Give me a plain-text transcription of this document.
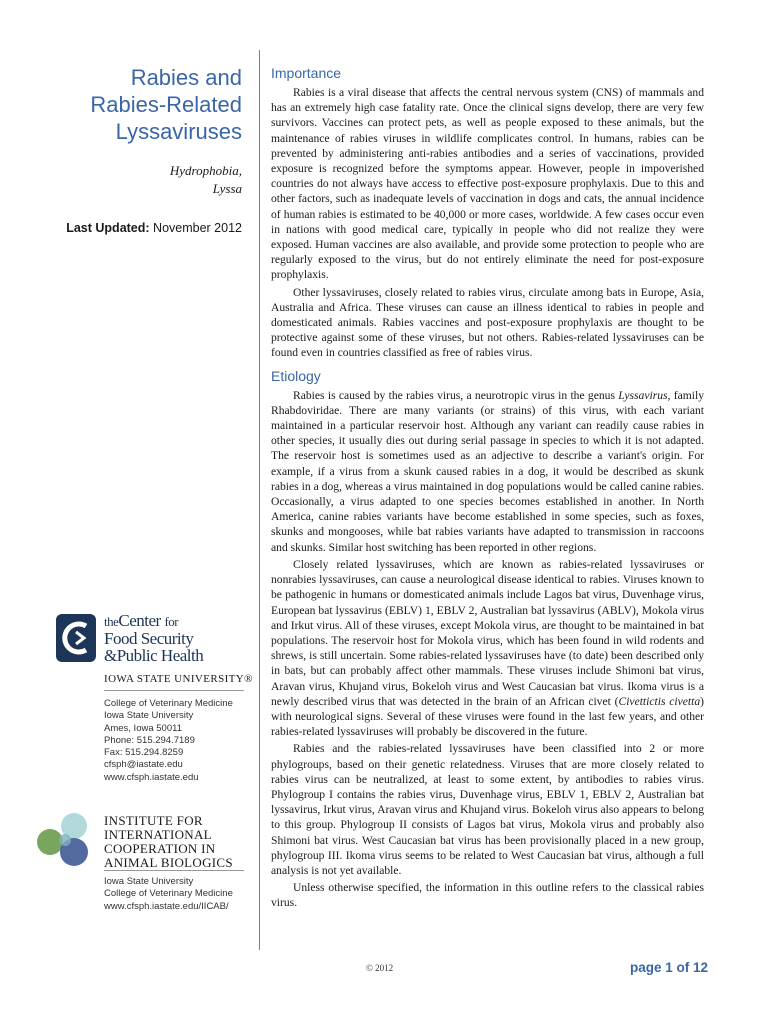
Rabies and
Rabies-Related
Lyssaviruses
Hydrophobia,
Lyssa
Last Updated: November 2012
theCenter for
Food Security
&Public Health
IOWA STATE UNIVERSITY®
College of Veterinary Medicine
Iowa State University
Ames, Iowa 50011
Phone: 515.294.7189
Fax: 515.294.8259
cfsph@iastate.edu
www.cfsph.iastate.edu
INSTITUTE FOR
INTERNATIONAL
COOPERATION IN
ANIMAL BIOLOGICS
Iowa State University
College of Veterinary Medicine
www.cfsph.iastate.edu/IICAB/
Importance

Rabies is a viral disease that affects the central nervous system (CNS) of mammals and has an extremely high case fatality rate. Once the clinical signs develop, there are very few survivors. Vaccines can protect pets, as well as people exposed to these animals, but the maintenance of rabies viruses in wildlife complicates control. In humans, rabies can be prevented by administering anti-rabies antibodies and a series of vaccinations, provided exposure is recognized before the symptoms appear. However, people in impoverished countries do not always have access to effective post-exposure prophylaxis. Due to this and other factors, such as inadequate levels of vaccination in dogs and cats, the annual incidence of human rabies is estimated to be 40,000 or more cases, worldwide. A few cases occur even in nations with good medical care, typically in people who did not realize they were exposed. Human vaccines are also available, and provide some protection to people who are regularly exposed to the virus, but do not entirely eliminate the need for post-exposure prophylaxis.

Other lyssaviruses, closely related to rabies virus, circulate among bats in Europe, Asia, Australia and Africa. These viruses can cause an illness identical to rabies in people and domesticated animals. Rabies vaccines and post-exposure prophylaxis are thought to be protective against some of these viruses, but not others. Rabies-related lyssaviruses can be found even in countries classified as free of rabies virus.

Etiology

Rabies is caused by the rabies virus, a neurotropic virus in the genus Lyssavirus, family Rhabdoviridae. There are many variants (or strains) of this virus, with each variant maintained in a particular reservoir host. Although any variant can readily cause rabies in other species, it usually dies out during serial passage in species to which it is not adapted. The reservoir host is sometimes used as an adjective to describe a variant's origin. For example, if a virus from a skunk caused rabies in a dog, it would be described as skunk rabies in a dog, whereas a virus maintained in dog populations would be called canine rabies. Occasionally, a virus adapted to one species becomes established in another. In North America, canine rabies variants have become established in some species, such as foxes, skunks and mongooses, while bat rabies variants have adapted to transmission in raccoons and skunks. Similar host switching has been reported in other regions.

Closely related lyssaviruses, which are known as rabies-related lyssaviruses or nonrabies lyssaviruses, can cause a neurological disease identical to rabies. Viruses known to be pathogenic in humans or domesticated animals include Lagos bat virus, Duvenhage virus, European bat lyssavirus (EBLV) 1, EBLV 2, Australian bat lyssavirus (ABLV), Mokola virus and Irkut virus. All of these viruses, except Mokola virus, are thought to be maintained in bat populations. The reservoir host for Mokola virus, which has been found in wild rodents and shrews, is still uncertain. Some rabies-related lyssaviruses have (to date) been described only in bats, but can probably affect other mammals. These viruses include Shimoni bat virus, Aravan virus, Khujand virus, Bokeloh virus and West Caucasian bat virus. Ikoma virus is a newly described virus that was detected in the brain of an African civet (Civettictis civetta) with neurological signs. Several of these viruses were found in the last few years, and other rabies-related lyssaviruses will probably be discovered in the future.

Rabies and the rabies-related lyssaviruses have been classified into 2 or more phylogroups, based on their genetic relatedness. Viruses that are more closely related to rabies virus can be neutralized, at least to some extent, by antibodies to rabies virus. Phylogroup I contains the rabies virus, Duvenhage virus, EBLV 1, EBLV 2, Australian bat lyssavirus, Irkut virus, Aravan virus and Khujand virus. Bokeloh virus also appears to belong to this group. Phylogroup II consists of Lagos bat virus, Mokola virus and probably also Shimoni bat virus. West Caucasian bat virus has been provisionally placed in a new group, phylogroup III. Ikoma virus seems to be related to West Caucasian bat virus, although a full analysis is not yet available.

Unless otherwise specified, the information in this outline refers to the classical rabies virus.

© 2012	page 1 of 12
